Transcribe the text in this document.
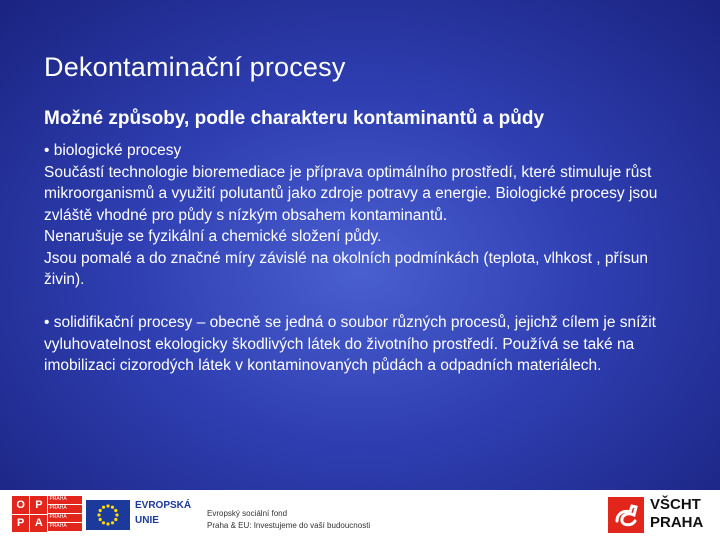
Dekontaminační procesy
Možné způsoby, podle charakteru kontaminantů a půdy

• biologické procesy

Součástí technologie bioremediace je příprava optimálního prostředí, které stimuluje růst mikroorganismů a využití polutantů jako zdroje potravy a energie. Biologické procesy jsou zvláště vhodné pro půdy s nízkým obsahem kontaminantů.

Nenarušuje se fyzikální a chemické složení půdy.

Jsou pomalé a do značné míry závislé na okolních podmínkách (teplota, vlhkost , přísun živin).

• solidifikační procesy – obecně se jedná o soubor různých procesů, jejichž cílem je snížit vyluhovatelnost ekologicky škodlivých látek do životního prostředí. Používá se také na imobilizaci cizorodých látek v kontaminovaných půdách a odpadních materiálech.

O P
P A
PRAHA
PRAHA
PRAHA
PRAHA
EVROPSKÁ
UNIE
Evropský sociální fond
Praha & EU: Investujeme do vaší budoucnosti
VŠCHT
PRAHA
